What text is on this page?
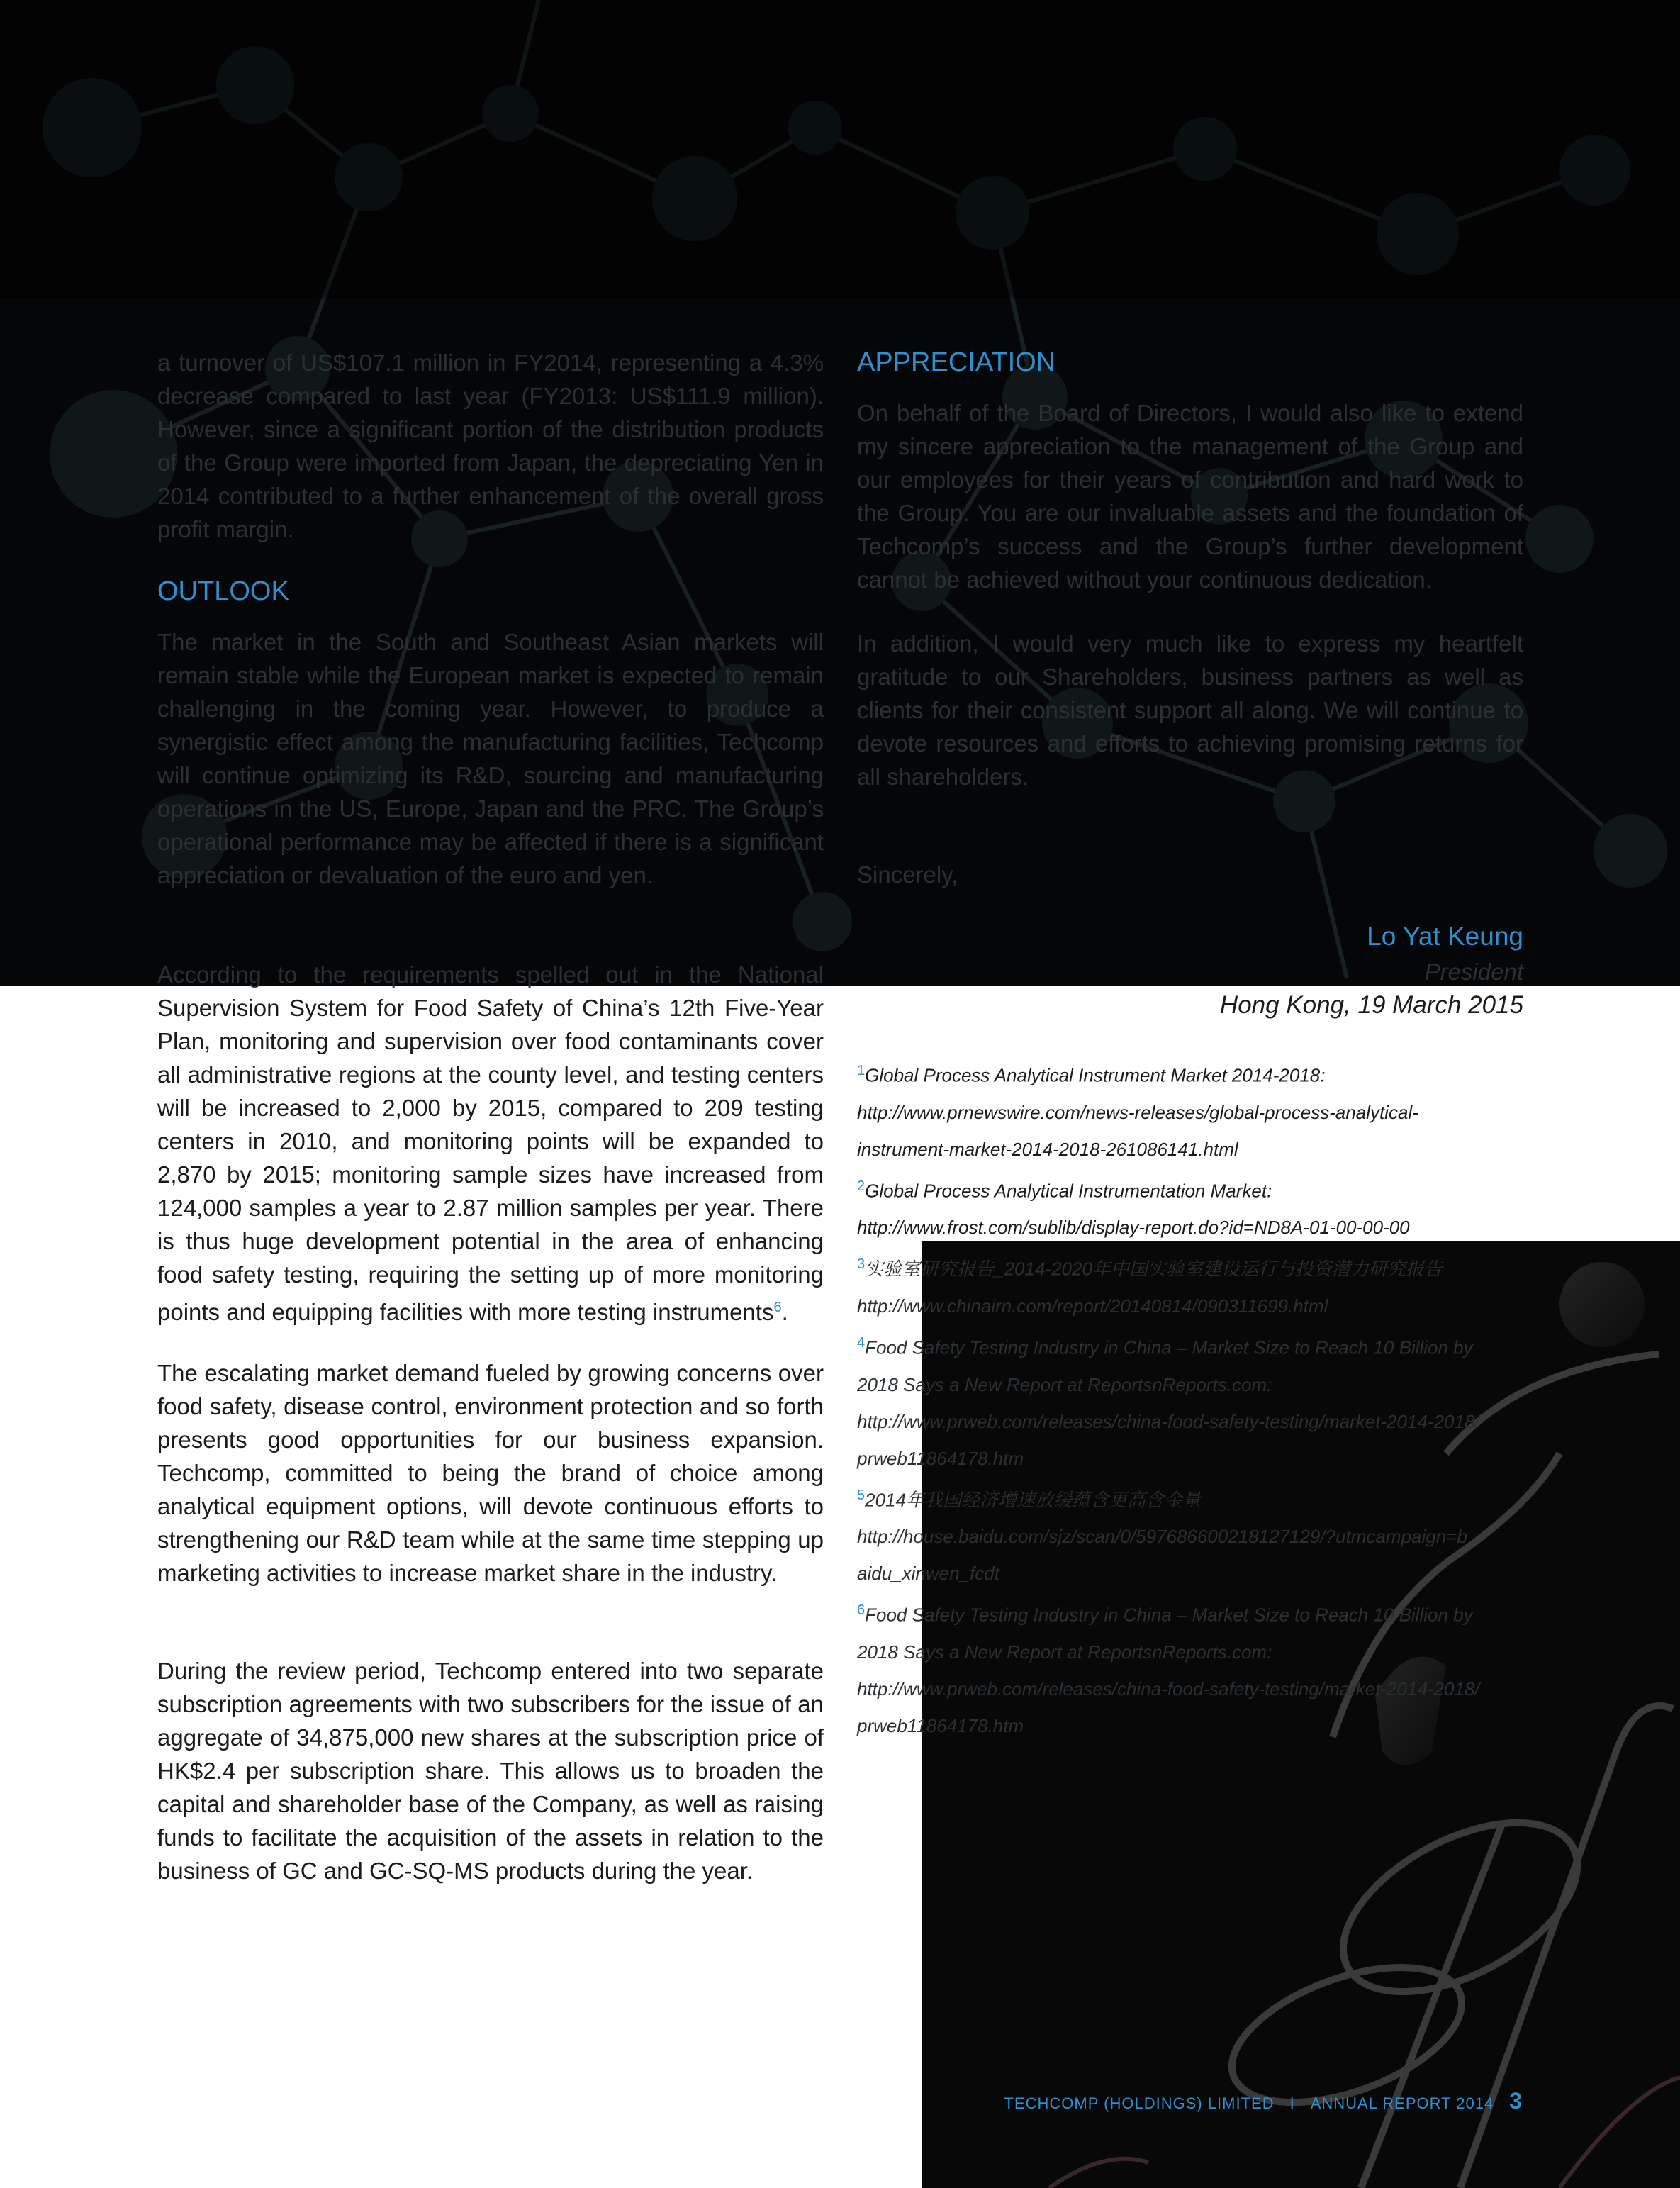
a turnover of US$107.1 million in FY2014, representing a 4.3% decrease compared to last year (FY2013: US$111.9 million). However, since a significant portion of the distribution products of the Group were imported from Japan, the depreciating Yen in 2014 contributed to a further enhancement of the overall gross profit margin.

OUTLOOK

The market in the South and Southeast Asian markets will remain stable while the European market is expected to remain challenging in the coming year. However, to produce a synergistic effect among the manufacturing facilities, Techcomp will continue optimizing its R&D, sourcing and manufacturing operations in the US, Europe, Japan and the PRC. The Group’s operational performance may be affected if there is a significant appreciation or devaluation of the euro and yen.

According to the requirements spelled out in the National

Supervision System for Food Safety of China’s 12th Five-Year Plan, monitoring and supervision over food contaminants cover all administrative regions at the county level, and testing centers will be increased to 2,000 by 2015, compared to 209 testing centers in 2010, and monitoring points will be expanded to 2,870 by 2015; monitoring sample sizes have increased from 124,000 samples a year to 2.87 million samples per year. There is thus huge development potential in the area of enhancing food safety testing, requiring the setting up of more monitoring points and equipping facilities with more testing instruments$^6$.

The escalating market demand fueled by growing concerns over food safety, disease control, environment protection and so forth presents good opportunities for our business expansion. Techcomp, committed to being the brand of choice among analytical equipment options, will devote continuous efforts to strengthening our R&D team while at the same time stepping up marketing activities to increase market share in the industry.

During the review period, Techcomp entered into two separate subscription agreements with two subscribers for the issue of an aggregate of 34,875,000 new shares at the subscription price of HK$2.4 per subscription share. This allows us to broaden the capital and shareholder base of the Company, as well as raising funds to facilitate the acquisition of the assets in relation to the business of GC and GC-SQ-MS products during the year.

APPRECIATION

On behalf of the Board of Directors, I would also like to extend my sincere appreciation to the management of the Group and our employees for their years of contribution and hard work to the Group. You are our invaluable assets and the foundation of Techcomp’s success and the Group’s further development cannot be achieved without your continuous dedication.

In addition, I would very much like to express my heartfelt gratitude to our Shareholders, business partners as well as clients for their consistent support all along. We will continue to devote resources and efforts to achieving promising returns for all shareholders.

Sincerely,

Lo Yat Keung
President
Hong Kong, 19 March 2015
$^1$Global Process Analytical Instrument Market 2014-2018:
http://www.prnewswire.com/news-releases/global-process-analytical-
instrument-market-2014-2018-261086141.html
$^2$Global Process Analytical Instrumentation Market:
http://www.frost.com/sublib/display-report.do?id=ND8A-01-00-00-00
$^3$实验室研究报告_2014-2020年中国实验室建设运行与投资潜力研究报告
http://www.chinairn.com/report/20140814/090311699.html
$^4$Food Safety Testing Industry in China – Market Size to Reach 10 Billion by
2018 Says a New Report at ReportsnReports.com:
http://www.prweb.com/releases/china-food-safety-testing/market-2014-2018/
prweb11864178.htm
$^5$2014年我国经济增速放缓蕴含更高含金量
http://house.baidu.com/sjz/scan/0/597686600218127129/?utmcampaign=b
aidu_xinwen_fcdt
$^6$Food Safety Testing Industry in China – Market Size to Reach 10 Billion by
2018 Says a New Report at ReportsnReports.com:
http://www.prweb.com/releases/china-food-safety-testing/market-2014-2018/
prweb11864178.htm
TECHCOMP (HOLDINGS) LIMITED I ANNUAL REPORT 2014 3
